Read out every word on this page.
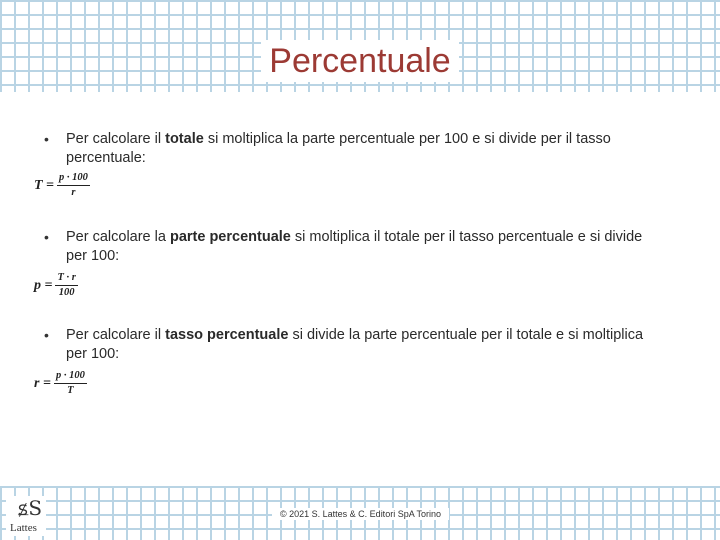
Percentuale
• Per calcolare il totale si moltiplica la parte percentuale per 100 e si divide per il tasso percentuale:
$T = \frac{p \cdot 100}{r}$
• Per calcolare la parte percentuale si moltiplica il totale per il tasso percentuale e si divide per 100:
$p = \frac{T \cdot r}{100}$
• Per calcolare il tasso percentuale si divide la parte percentuale per il totale e si moltiplica per 100:
$r = \frac{p \cdot 100}{T}$
ꟍS
Lattes
© 2021 S. Lattes & C. Editori SpA Torino
